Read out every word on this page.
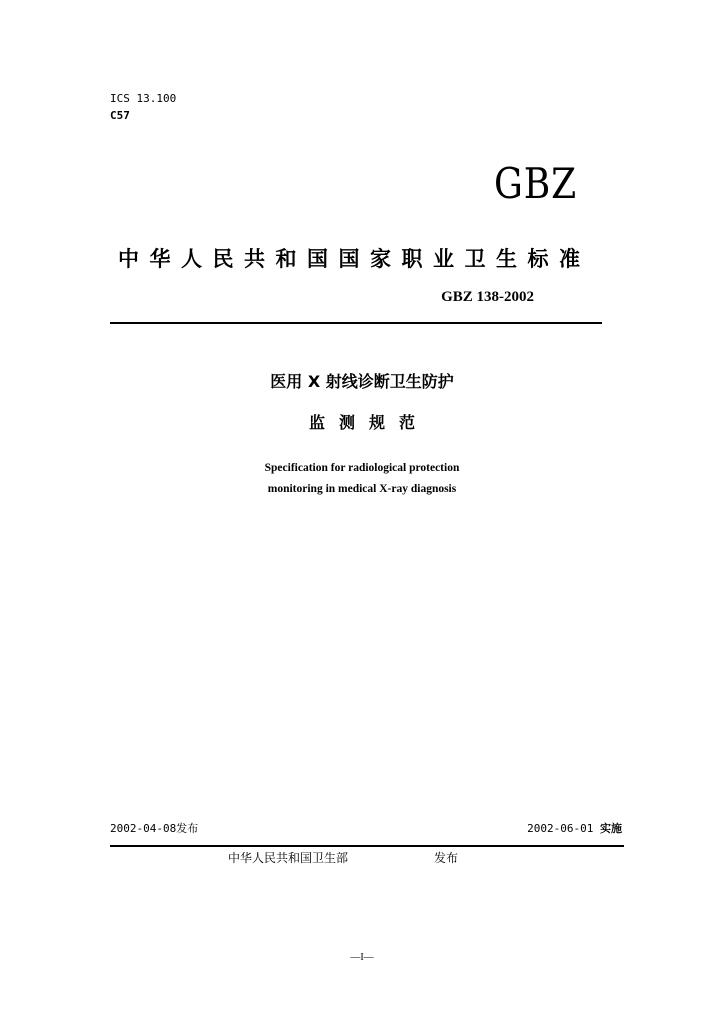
ICS 13.100
C57
GBZ
中华人民共和国国家职业卫生标准
GBZ 138-2002
医用 X 射线诊断卫生防护
监测规范
Specification for radiological protection
monitoring in medical X-ray diagnosis
2002-04-08发布	2002-06-01 实施
中华人民共和国卫生部	发布
—I—
